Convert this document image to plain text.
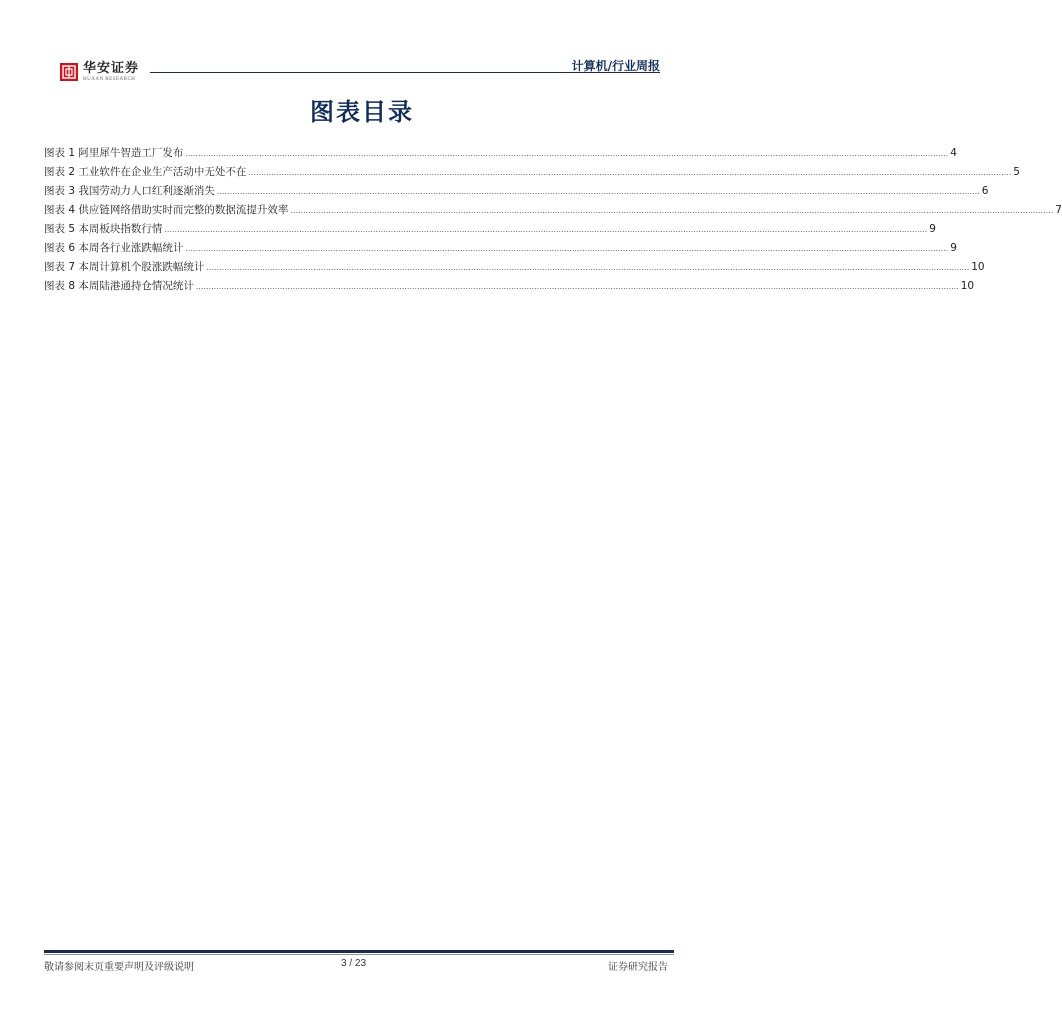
华安证券
HUAAN RESEARCH
计算机/行业周报
图表目录
图表 1 阿里犀牛智造工厂发布 ............................................................................................................................................................................................................................................................................................................ 4
图表 2 工业软件在企业生产活动中无处不在 ............................................................................................................................................................................................................................................................................................................ 5
图表 3 我国劳动力人口红利逐渐消失 ............................................................................................................................................................................................................................................................................................................ 6
图表 4 供应链网络借助实时而完整的数据流提升效率 ............................................................................................................................................................................................................................................................................................................ 7
图表 5 本周板块指数行情 ............................................................................................................................................................................................................................................................................................................ 9
图表 6 本周各行业涨跌幅统计 ............................................................................................................................................................................................................................................................................................................ 9
图表 7 本周计算机个股涨跌幅统计 ............................................................................................................................................................................................................................................................................................................ 10
图表 8 本周陆港通持仓情况统计 ............................................................................................................................................................................................................................................................................................................ 10
敬请参阅末页重要声明及评级说明	3 / 23	证券研究报告
